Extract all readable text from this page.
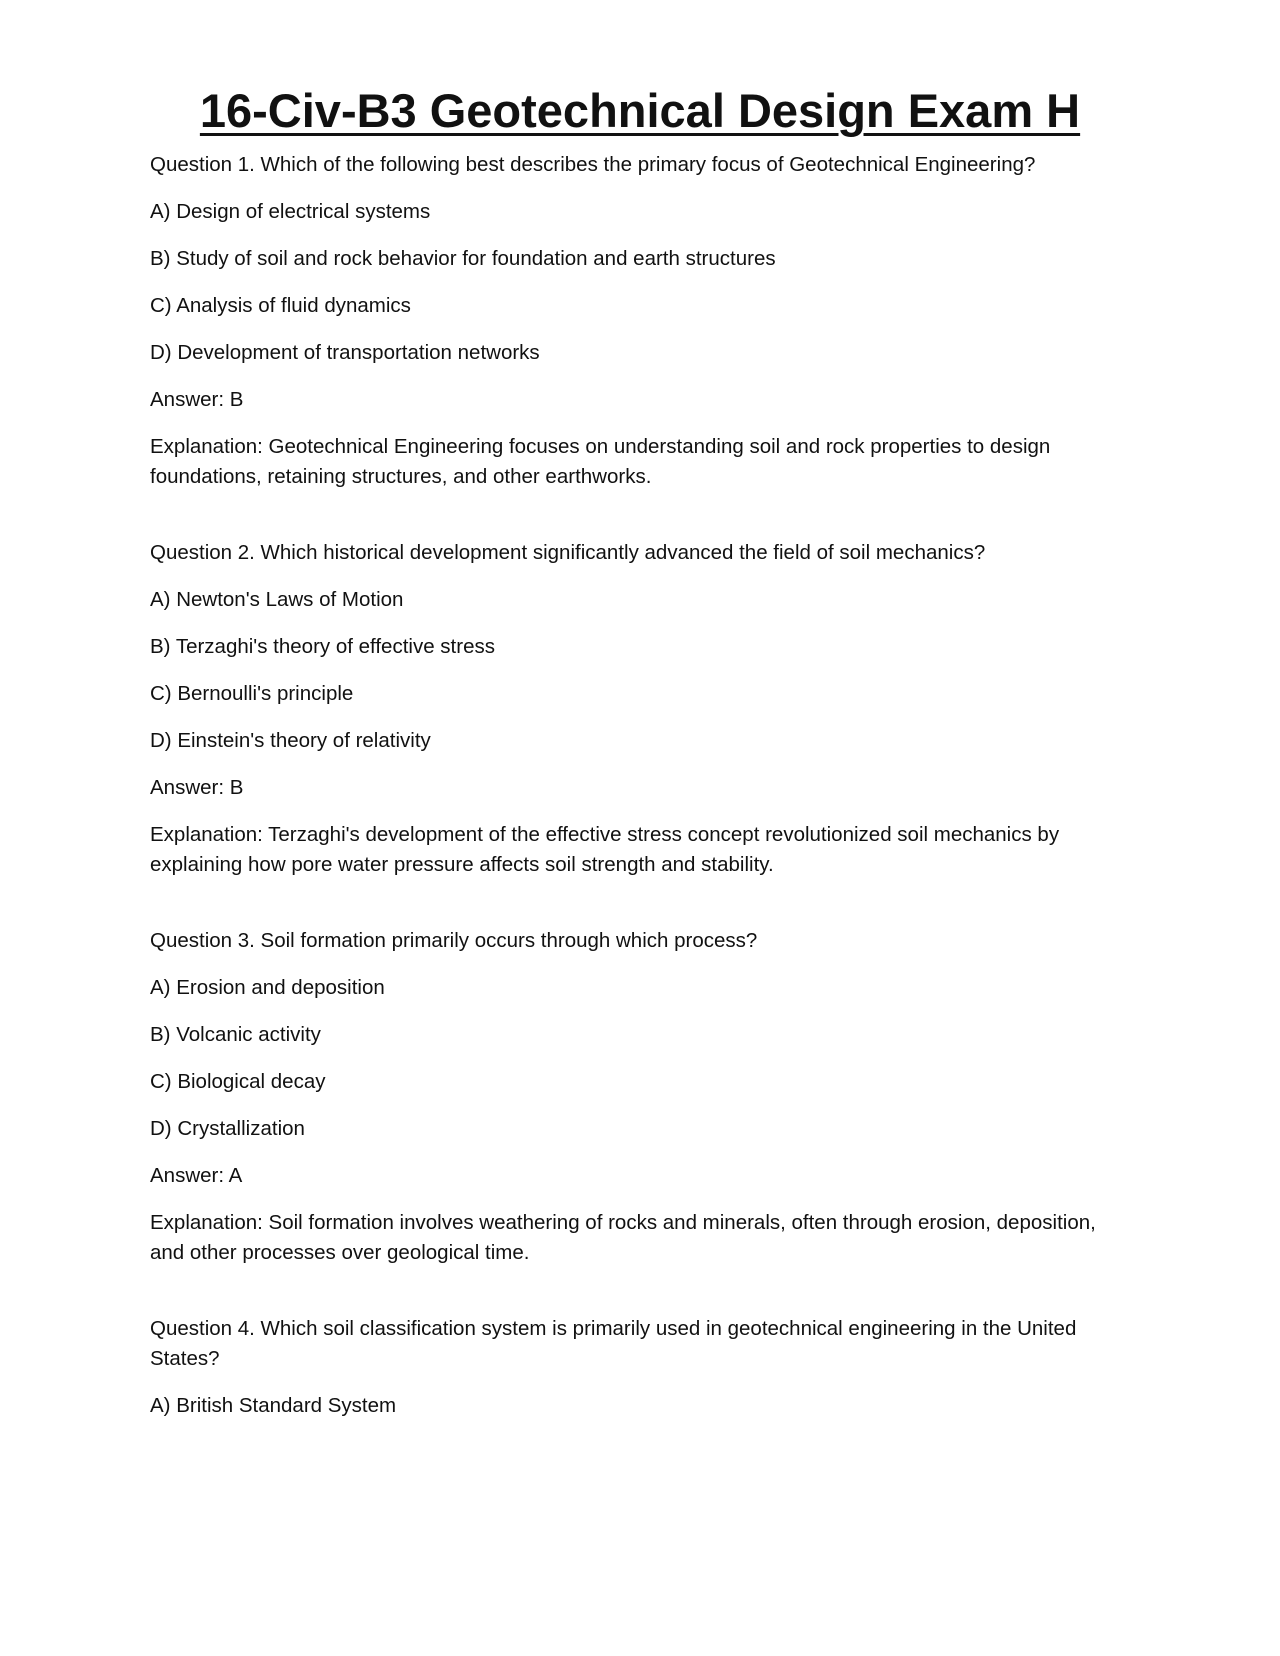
16-Civ-B3 Geotechnical Design Exam H

Question 1. Which of the following best describes the primary focus of Geotechnical Engineering?

A) Design of electrical systems

B) Study of soil and rock behavior for foundation and earth structures

C) Analysis of fluid dynamics

D) Development of transportation networks

Answer: B

Explanation: Geotechnical Engineering focuses on understanding soil and rock properties to design foundations, retaining structures, and other earthworks.

Question 2. Which historical development significantly advanced the field of soil mechanics?

A) Newton's Laws of Motion

B) Terzaghi's theory of effective stress

C) Bernoulli's principle

D) Einstein's theory of relativity

Answer: B

Explanation: Terzaghi's development of the effective stress concept revolutionized soil mechanics by explaining how pore water pressure affects soil strength and stability.

Question 3. Soil formation primarily occurs through which process?

A) Erosion and deposition

B) Volcanic activity

C) Biological decay

D) Crystallization

Answer: A

Explanation: Soil formation involves weathering of rocks and minerals, often through erosion, deposition, and other processes over geological time.

Question 4. Which soil classification system is primarily used in geotechnical engineering in the United States?

A) British Standard System
